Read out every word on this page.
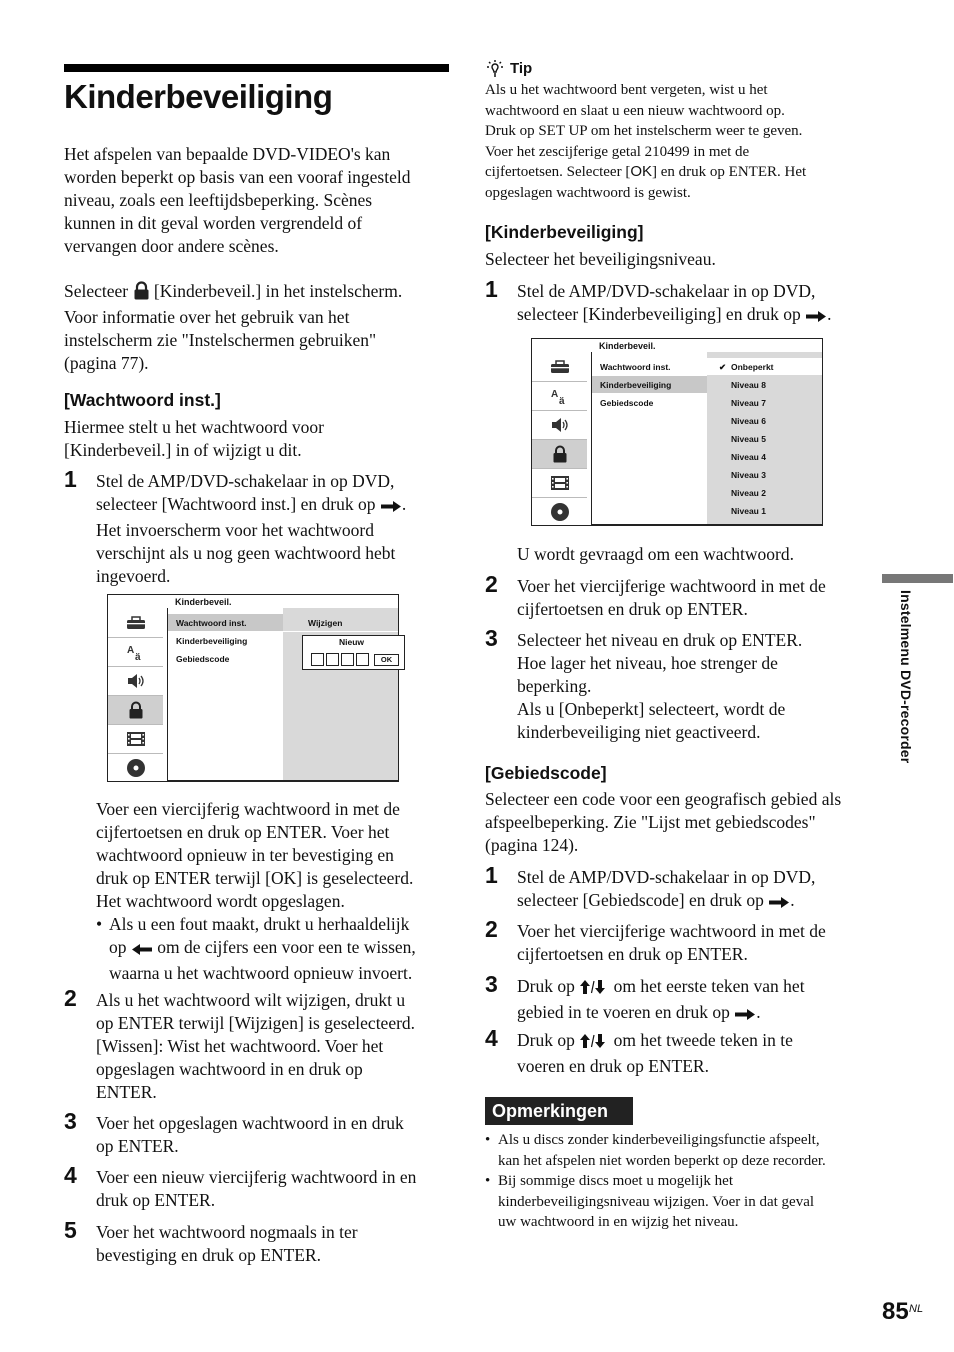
Kinderbeveiliging
Het afspelen van bepaalde DVD-VIDEO's kan
worden beperkt op basis van een vooraf ingesteld
niveau, zoals een leeftijdsbeperking. Scènes
kunnen in dit geval worden vergrendeld of
vervangen door andere scènes.
Selecteer [Kinderbeveil.] in het instelscherm.
Voor informatie over het gebruik van het
instelscherm zie "Instelschermen gebruiken"
(pagina 77).
[Wachtwoord inst.]
Hiermee stelt u het wachtwoord voor
[Kinderbeveil.] in of wijzigt u dit.
1 Stel de AMP/DVD-schakelaar in op DVD,
selecteer [Wachtwoord inst.] en druk op .
Het invoerscherm voor het wachtwoord
verschijnt als u nog geen wachtwoord hebt
ingevoerd.
A
ä
Kinderbeveil.
Wachtwoord inst.
Kinderbeveiliging
Gebiedscode
Wijzigen
Nieuw
OK
Voer een viercijferig wachtwoord in met de
cijfertoetsen en druk op ENTER. Voer het
wachtwoord opnieuw in ter bevestiging en
druk op ENTER terwijl [OK] is geselecteerd.
Het wachtwoord wordt opgeslagen.
• Als u een fout maakt, drukt u herhaaldelijk
op om de cijfers een voor een te wissen,
waarna u het wachtwoord opnieuw invoert.
2 Als u het wachtwoord wilt wijzigen, drukt u
op ENTER terwijl [Wijzigen] is geselecteerd.
[Wissen]: Wist het wachtwoord. Voer het
opgeslagen wachtwoord in en druk op
ENTER.
3 Voer het opgeslagen wachtwoord in en druk
op ENTER.
4 Voer een nieuw viercijferig wachtwoord in en
druk op ENTER.
5 Voer het wachtwoord nogmaals in ter
bevestiging en druk op ENTER.
Tip
Als u het wachtwoord bent vergeten, wist u het
wachtwoord en slaat u een nieuw wachtwoord op.
Druk op SET UP om het instelscherm weer te geven.
Voer het zescijferige getal 210499 in met de
cijfertoetsen. Selecteer [OK] en druk op ENTER. Het
opgeslagen wachtwoord is gewist.
[Kinderbeveiliging]
Selecteer het beveiligingsniveau.
1 Stel de AMP/DVD-schakelaar in op DVD,
selecteer [Kinderbeveiliging] en druk op .
A
ä
Kinderbeveil.
Wachtwoord inst.
Kinderbeveiliging
Gebiedscode
✔ Onbeperkt
Niveau 8
Niveau 7
Niveau 6
Niveau 5
Niveau 4
Niveau 3
Niveau 2
Niveau 1
U wordt gevraagd om een wachtwoord.
2 Voer het viercijferige wachtwoord in met de
cijfertoetsen en druk op ENTER.
3 Selecteer het niveau en druk op ENTER.
Hoe lager het niveau, hoe strenger de
beperking.
Als u [Onbeperkt] selecteert, wordt de
kinderbeveiliging niet geactiveerd.
[Gebiedscode]
Selecteer een code voor een geografisch gebied als
afspeelbeperking. Zie "Lijst met gebiedscodes"
(pagina 124).
1 Stel de AMP/DVD-schakelaar in op DVD,
selecteer [Gebiedscode] en druk op .
2 Voer het viercijferige wachtwoord in met de
cijfertoetsen en druk op ENTER.
3 Druk op om het eerste teken van het
gebied in te voeren en druk op .
4 Druk op om het tweede teken in te
voeren en druk op ENTER.
Opmerkingen
• Als u discs zonder kinderbeveiligingsfunctie afspeelt,
kan het afspelen niet worden beperkt op deze recorder.
• Bij sommige discs moet u mogelijk het
kinderbeveiligingsniveau wijzigen. Voer in dat geval
uw wachtwoord in en wijzig het niveau.
Instelmenu DVD-recorder
85 NL
